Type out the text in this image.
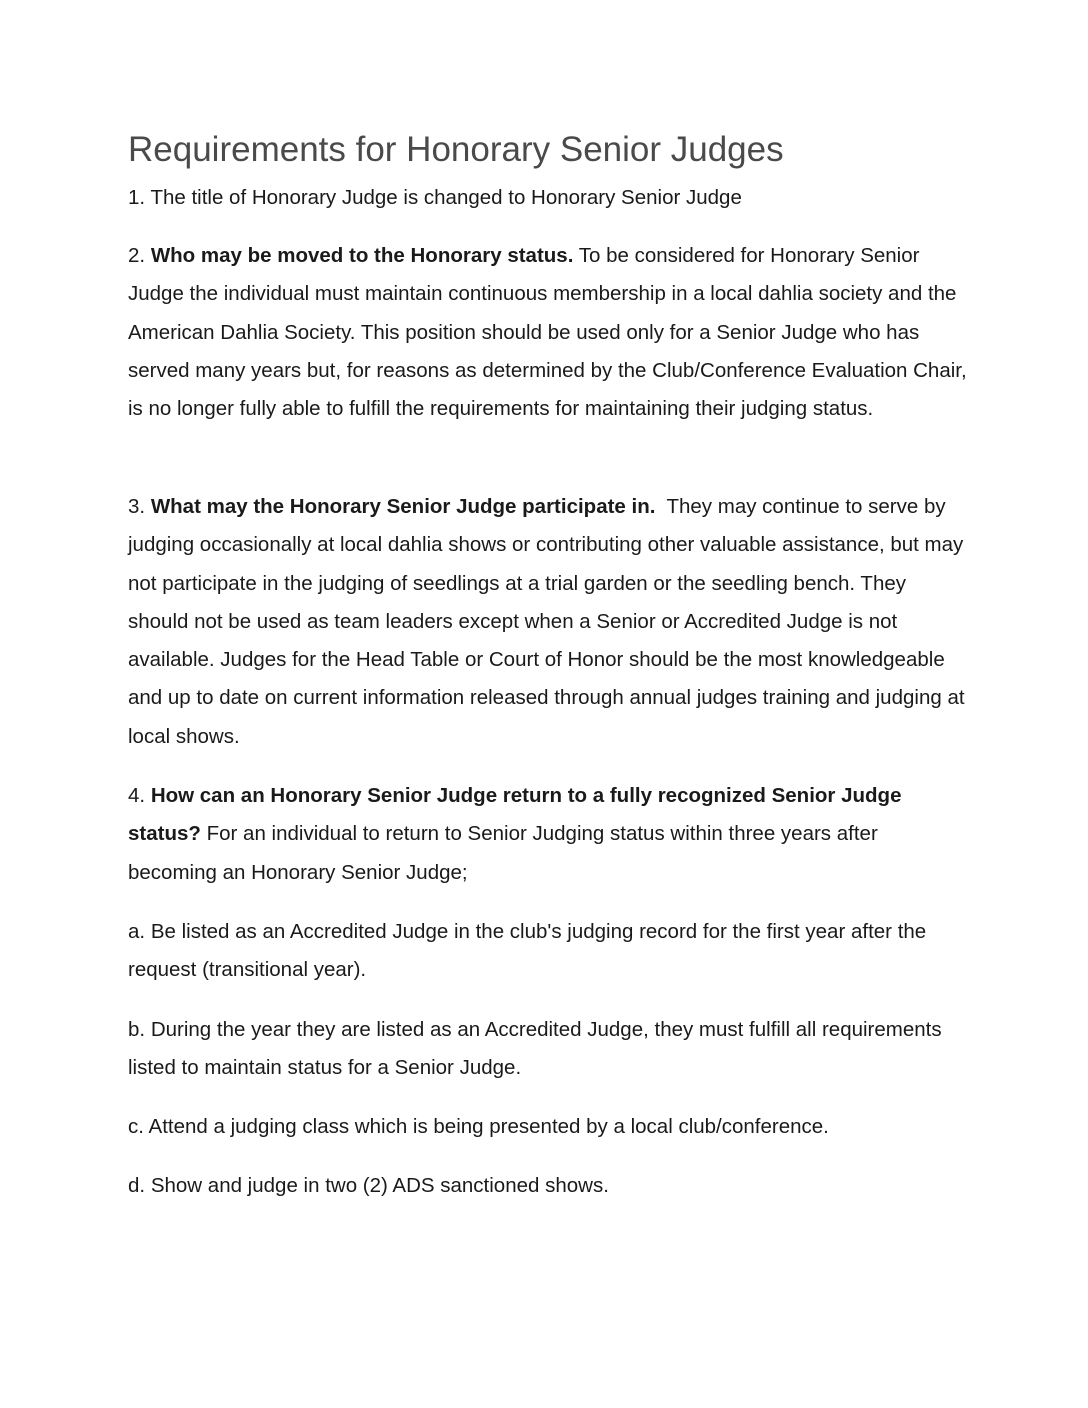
Requirements for Honorary Senior Judges

1. The title of Honorary Judge is changed to Honorary Senior Judge

2. Who may be moved to the Honorary status. To be considered for Honorary Senior Judge the individual must maintain continuous membership in a local dahlia society and the American Dahlia Society. This position should be used only for a Senior Judge who has served many years but, for reasons as determined by the Club/Conference Evaluation Chair, is no longer fully able to fulfill the requirements for maintaining their judging status.

3. What may the Honorary Senior Judge participate in. They may continue to serve by judging occasionally at local dahlia shows or contributing other valuable assistance, but may not participate in the judging of seedlings at a trial garden or the seedling bench. They should not be used as team leaders except when a Senior or Accredited Judge is not available. Judges for the Head Table or Court of Honor should be the most knowledgeable and up to date on current information released through annual judges training and judging at local shows.

4. How can an Honorary Senior Judge return to a fully recognized Senior Judge status? For an individual to return to Senior Judging status within three years after becoming an Honorary Senior Judge;

a. Be listed as an Accredited Judge in the club's judging record for the first year after the request (transitional year).

b. During the year they are listed as an Accredited Judge, they must fulfill all requirements listed to maintain status for a Senior Judge.

c. Attend a judging class which is being presented by a local club/conference.

d. Show and judge in two (2) ADS sanctioned shows.
